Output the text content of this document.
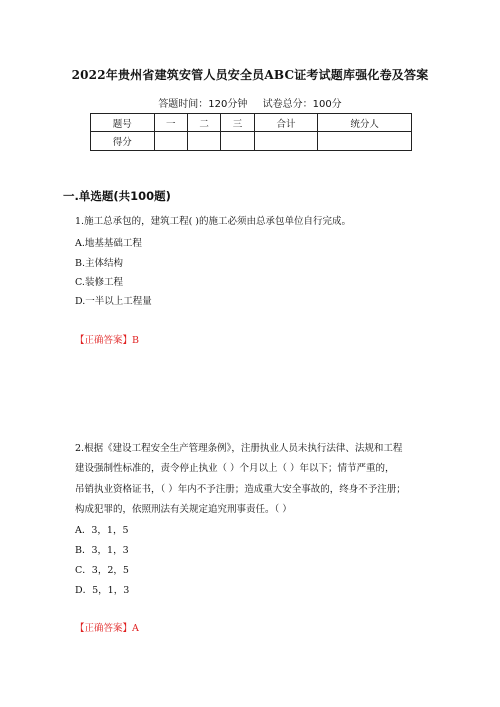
2022年贵州省建筑安管人员安全员ABC证考试题库强化卷及答案
答题时间：120分钟 试卷总分：100分
题号	一	二	三	合计	统分人
得分					
一.单选题(共100题)
1.施工总承包的，建筑工程( )的施工必须由总承包单位自行完成。
A.地基基础工程
B.主体结构
C.装修工程
D.一半以上工程量
【正确答案】B
2.根据《建设工程安全生产管理条例》，注册执业人员未执行法律、法规和工程
建设强制性标准的，责令停止执业（ ）个月以上（ ）年以下；情节严重的，
吊销执业资格证书，（ ）年内不予注册；造成重大安全事故的，终身不予注册；
构成犯罪的，依照刑法有关规定追究刑事责任。（ ）
A．3，1，5
B．3，1，3
C．3，2，5
D．5，1，3
【正确答案】A
